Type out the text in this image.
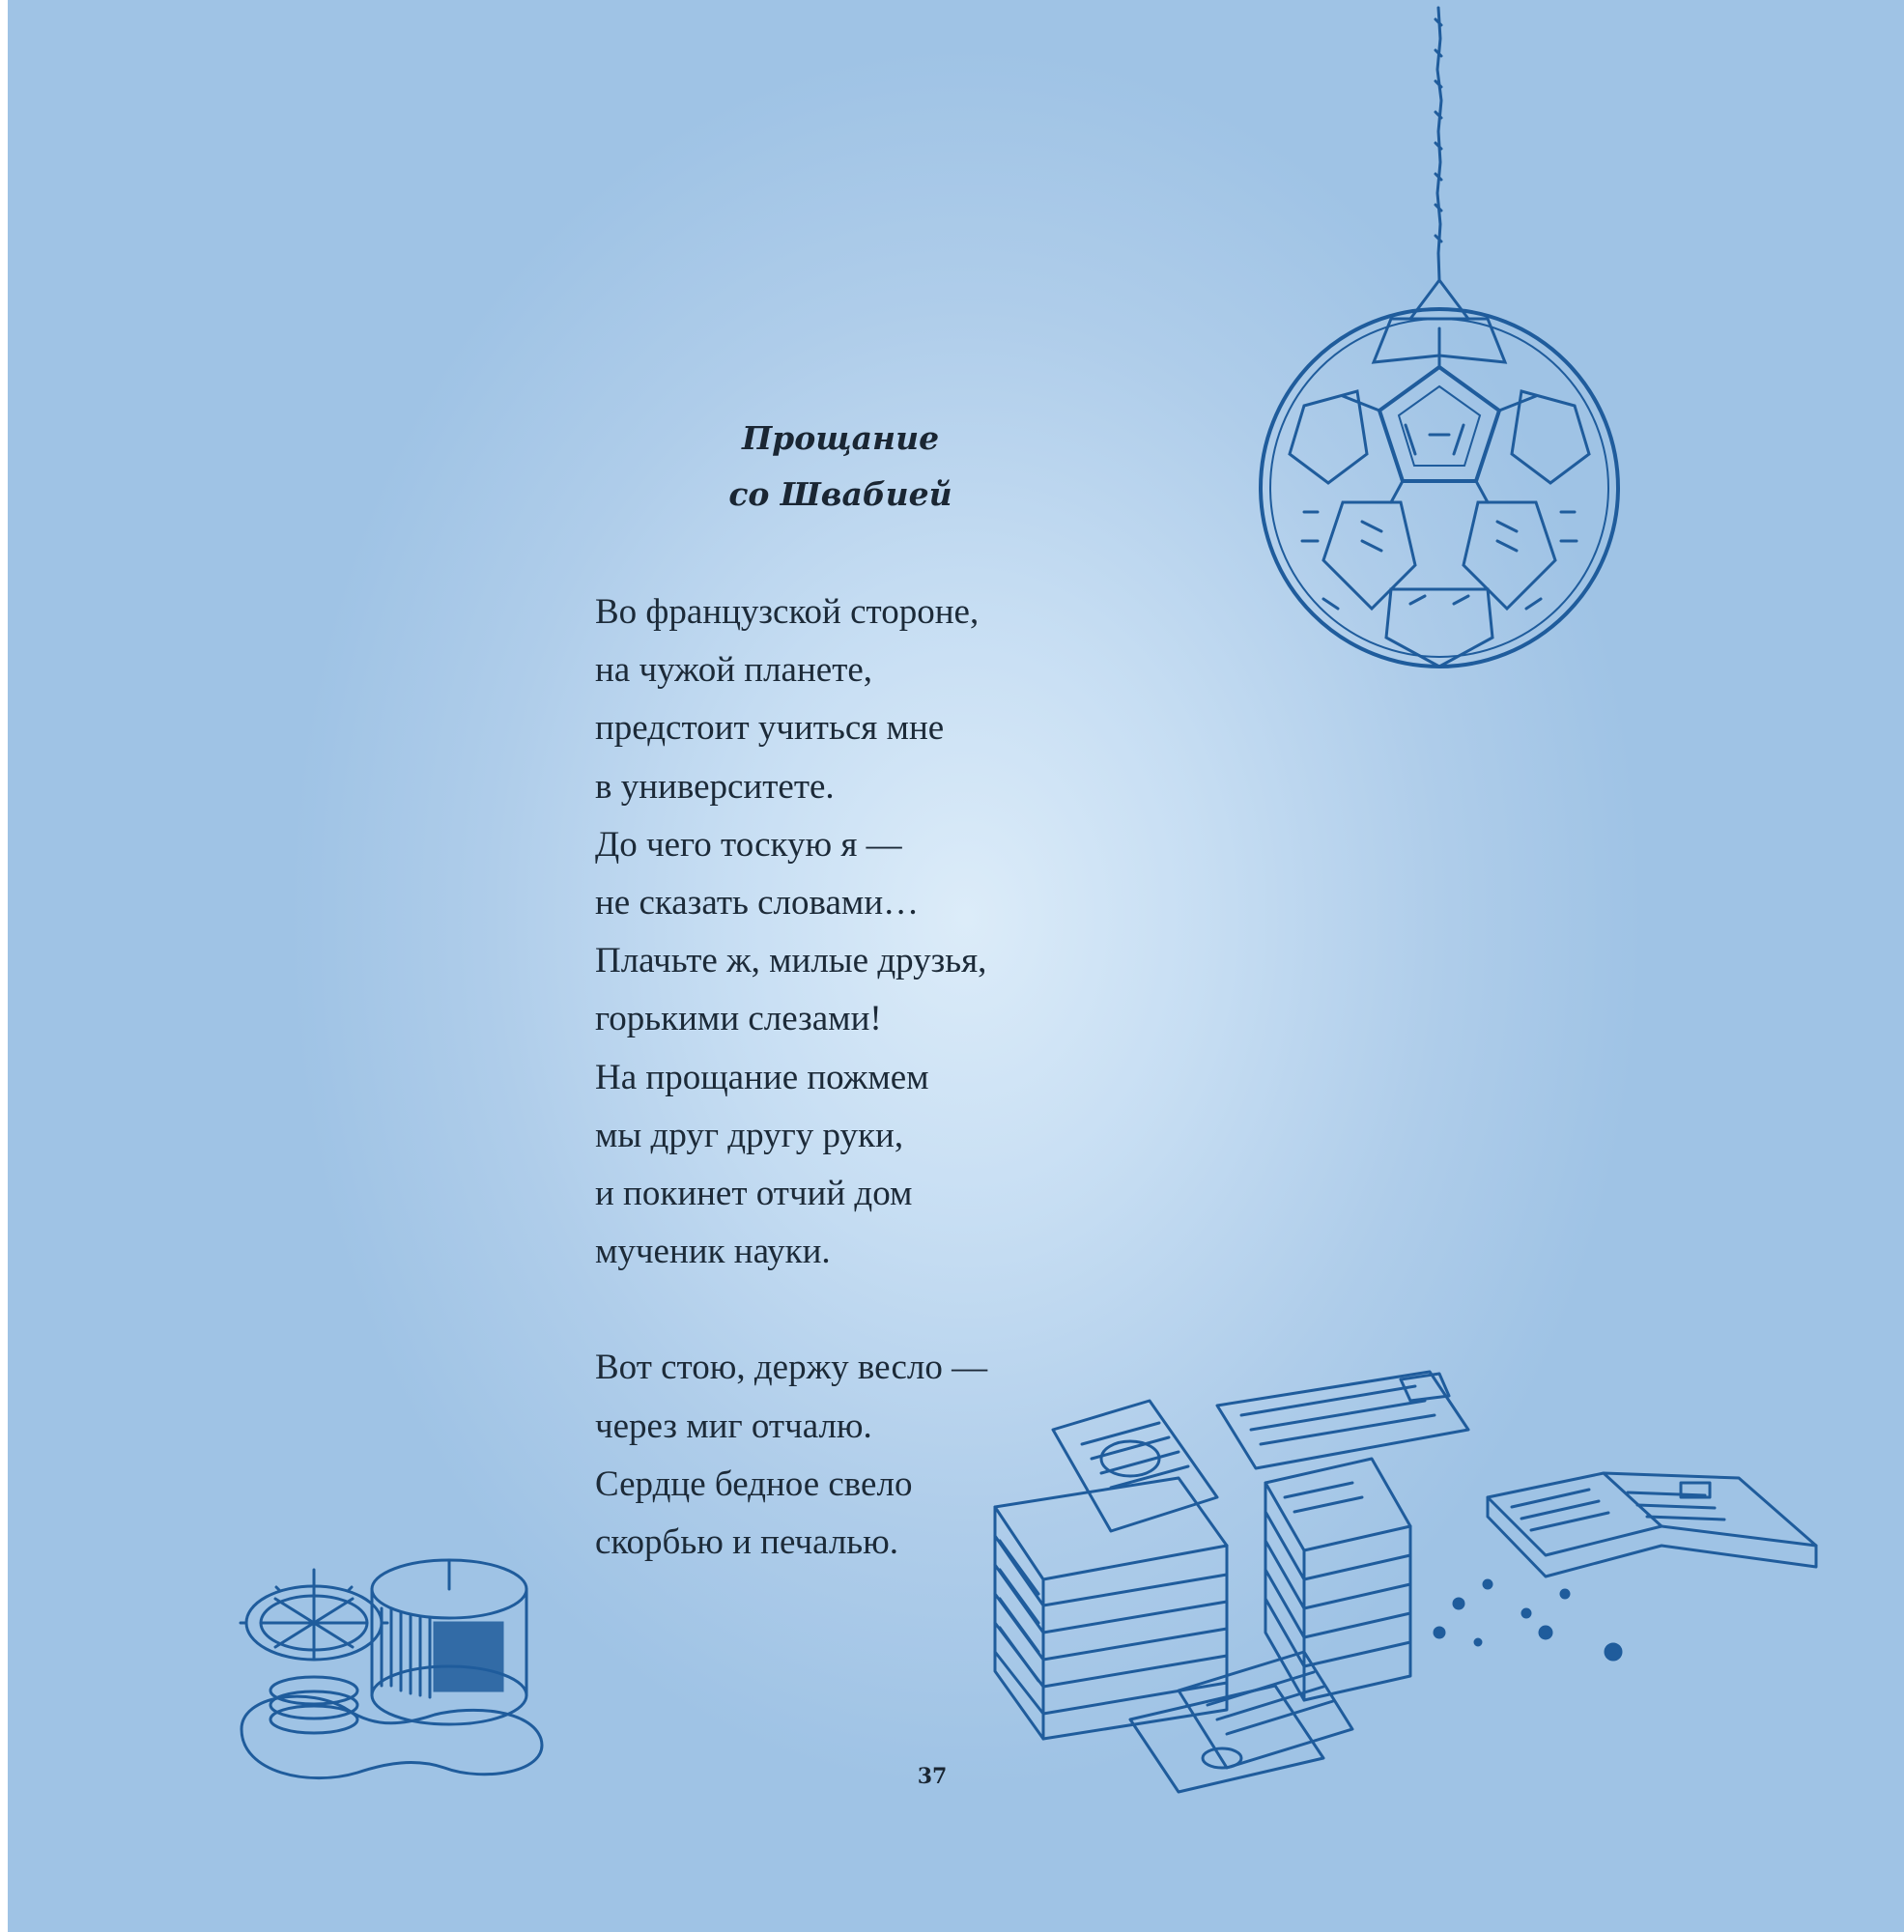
Прощание
со Швабией
Во французской стороне,
на чужой планете,
предстоит учиться мне
в университете.
До чего тоскую я —
не сказать словами…
Плачьте ж, милые друзья,
горькими слезами!
На прощание пожмем
мы друг другу руки,
и покинет отчий дом
мученик науки.
Вот стою, держу весло —
через миг отчалю.
Сердце бедное свело
скорбью и печалью.
37
